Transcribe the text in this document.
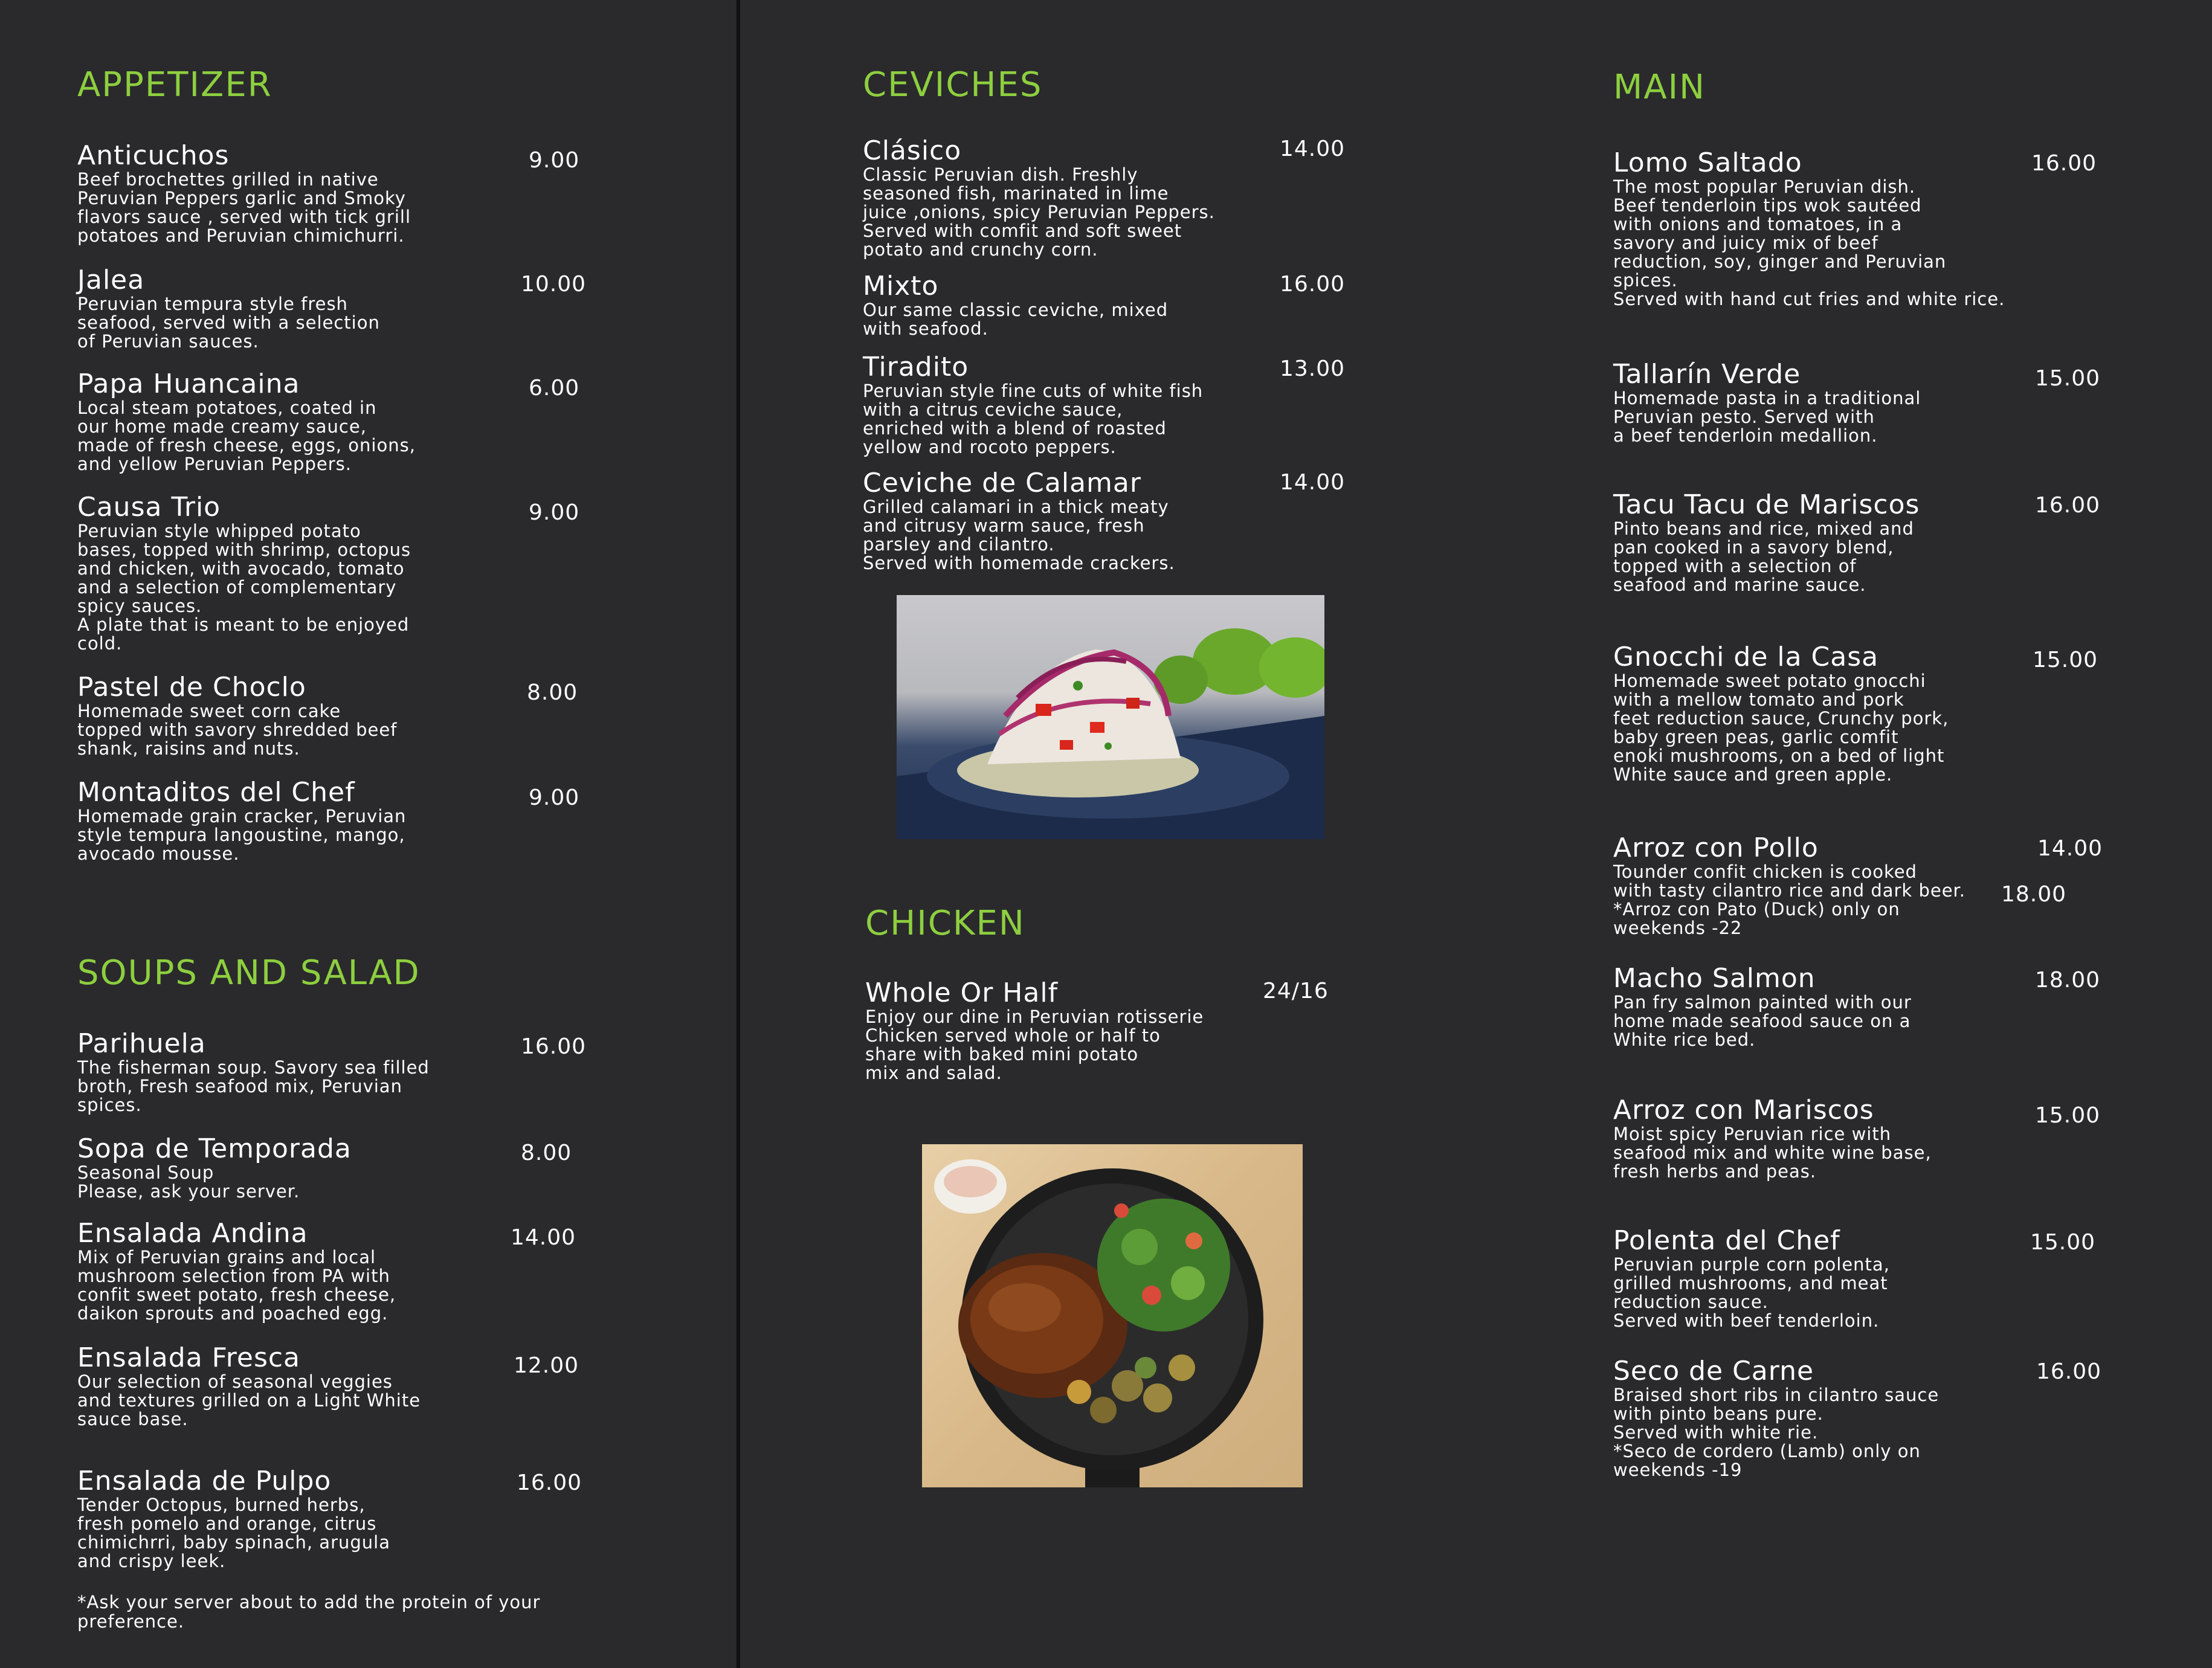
APPETIZER
Anticuchos
Beef brochettes grilled in native
Peruvian Peppers garlic and Smoky
flavors sauce , served with tick grill
potatoes and Peruvian chimichurri.
9.00
Jalea
Peruvian tempura style fresh
seafood, served with a selection
of Peruvian sauces.
10.00
Papa Huancaina
Local steam potatoes, coated in
our home made creamy sauce,
made of fresh cheese, eggs, onions,
and yellow Peruvian Peppers.
6.00
Causa Trio
Peruvian style whipped potato
bases, topped with shrimp, octopus
and chicken, with avocado, tomato
and a selection of complementary
spicy sauces.
A plate that is meant to be enjoyed
cold.
9.00
Pastel de Choclo
Homemade sweet corn cake
topped with savory shredded beef
shank, raisins and nuts.
8.00
Montaditos del Chef
Homemade grain cracker, Peruvian
style tempura langoustine, mango,
avocado mousse.
9.00
SOUPS AND SALAD
Parihuela
The fisherman soup. Savory sea filled
broth, Fresh seafood mix, Peruvian
spices.
16.00
Sopa de Temporada
Seasonal Soup
Please, ask your server.
8.00
Ensalada Andina
Mix of Peruvian grains and local
mushroom selection from PA with
confit sweet potato, fresh cheese,
daikon sprouts and poached egg.
14.00
Ensalada Fresca
Our selection of seasonal veggies
and textures grilled on a Light White
sauce base.
12.00
Ensalada de Pulpo
Tender Octopus, burned herbs,
fresh pomelo and orange, citrus
chimichrri, baby spinach, arugula
and crispy leek.
16.00
*Ask your server about to add the protein of your
preference.
CEVICHES
Clásico
Classic Peruvian dish. Freshly
seasoned fish, marinated in lime
juice ,onions, spicy Peruvian Peppers.
Served with comfit and soft sweet
potato and crunchy corn.
14.00
Mixto
Our same classic ceviche, mixed
with seafood.
16.00
Tiradito
Peruvian style fine cuts of white fish
with a citrus ceviche sauce,
enriched with a blend of roasted
yellow and rocoto peppers.
13.00
Ceviche de Calamar
Grilled calamari in a thick meaty
and citrusy warm sauce, fresh
parsley and cilantro.
Served with homemade crackers.
14.00
CHICKEN
Whole Or Half
Enjoy our dine in Peruvian rotisserie
Chicken served whole or half to
share with baked mini potato
mix and salad.
24/16
MAIN
Lomo Saltado
The most popular Peruvian dish.
Beef tenderloin tips wok sautéed
with onions and tomatoes, in a
savory and juicy mix of beef
reduction, soy, ginger and Peruvian
spices.
Served with hand cut fries and white rice.
16.00
Tallarín Verde
Homemade pasta in a traditional
Peruvian pesto. Served with
a beef tenderloin medallion.
15.00
Tacu Tacu de Mariscos
Pinto beans and rice, mixed and
pan cooked in a savory blend,
topped with a selection of
seafood and marine sauce.
16.00
Gnocchi de la Casa
Homemade sweet potato gnocchi
with a mellow tomato and pork
feet reduction sauce, Crunchy pork,
baby green peas, garlic comfit
enoki mushrooms, on a bed of light
White sauce and green apple.
15.00
Arroz con Pollo
Tounder confit chicken is cooked
with tasty cilantro rice and dark beer.
*Arroz con Pato (Duck) only on
weekends -22
14.00
18.00
Macho Salmon
Pan fry salmon painted with our
home made seafood sauce on a
White rice bed.
18.00
Arroz con Mariscos
Moist spicy Peruvian rice with
seafood mix and white wine base,
fresh herbs and peas.
15.00
Polenta del Chef
Peruvian purple corn polenta,
grilled mushrooms, and meat
reduction sauce.
Served with beef tenderloin.
15.00
Seco de Carne
Braised short ribs in cilantro sauce
with pinto beans pure.
Served with white rie.
*Seco de cordero (Lamb) only on
weekends -19
16.00
